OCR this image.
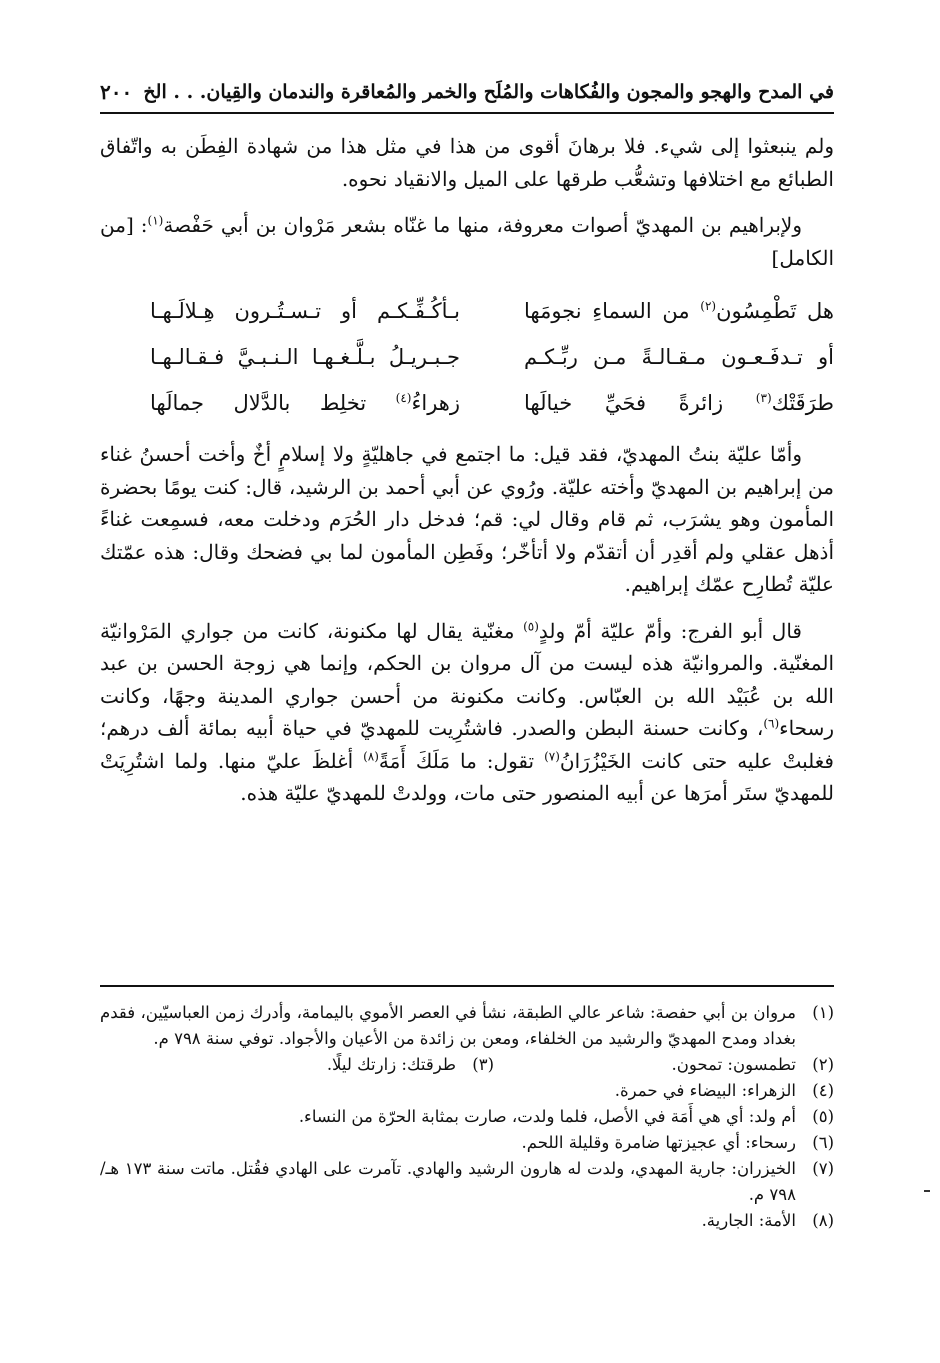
في المدح والهجو والمجون والفُكاهات والمُلَح والخمر والمُعاقرة والندمان والقِيان. . . الخ
٢٠٠

ولم ينبعثوا إلى شيء. فلا برهانَ أقوى من هذا في مثل هذا من شهادة الفِطَن به واتّفاق الطبائع مع اختلافها وتشعُّب طرقها على الميل والانقياد نحوه.

ولإبراهيم بن المهديّ أصوات معروفة، منها ما غنّاه بشعر مَرْوان بن أبي حَفْصة$^{(١)}$: [من الكامل]

هل تَطْمِسُون$^{(٢)}$ من السماءِ نجومَها
بـأكُـفِّـكـم أو تـسـتُـرون هِـلالَـهـا
أو تـدفَـعـون مـقـالـةً مـن ربِّـكـم
جـبـريـلُ بـلَّـغـهـا الـنـبـيَّ فـقـالـهـا
طرَقَتْك$^{(٣)}$ زائرةً فحَيِّ خيالَها
زهراءُ$^{(٤)}$ تخلِط بالدَّلال جمالَها

وأمّا عليّة بنتُ المهديّ، فقد قيل: ما اجتمع في جاهليّةٍ ولا إسلامٍ أخٌ وأخت أحسنُ غناء من إبراهيم بن المهديّ وأخته عليّة. ورُوي عن أبي أحمد بن الرشيد، قال: كنت يومًا بحضرة المأمون وهو يشرَب، ثم قام وقال لي: قم؛ فدخل دار الحُرَم ودخلت معه، فسمِعت غناءً أذهل عقلي ولم أقدِر أن أتقدّم ولا أتأخّر؛ وفَطِن المأمون لما بي فضحك وقال: هذه عمّتك عليّة تُطارِح عمّك إبراهيم.

قال أبو الفرج: وأمّ عليّة أمّ ولدٍ$^{(٥)}$ مغنّية يقال لها مكنونة، كانت من جواري المَرْوانيّة المغنّية. والمروانيّة هذه ليست من آل مروان بن الحكم، وإنما هي زوجة الحسن بن عبد الله بن عُبَيْد الله بن العبّاس. وكانت مكنونة من أحسن جواري المدينة وجهًا، وكانت رسحاء$^{(٦)}$، وكانت حسنة البطن والصدر. فاشتُرِيت للمهديّ في حياة أبيه بمائة ألف درهم؛ فغلبتْ عليه حتى كانت الخَيْزُرَانُ$^{(٧)}$ تقول: ما مَلَكَ أَمَةً$^{(٨)}$ أغلظَ عليّ منها. ولما اشتُرِيَتْ للمهديّ ستَر أمرَها عن أبيه المنصور حتى مات، وولدتْ للمهديّ عليّة هذه.

(١)
مروان بن أبي حفصة: شاعر عالي الطبقة، نشأ في العصر الأموي باليمامة، وأدرك زمن العباسيّين، فقدم بغداد ومدح المهديّ والرشيد من الخلفاء، ومعن بن زائدة من الأعيان والأجواد. توفي سنة ٧٩٨ م.
(٢)
تطمسون: تمحون.
(٣)
طرقتك: زارتك ليلًا.
(٤)
الزهراء: البيضاء في حمرة.
(٥)
أم ولد: أي هي أَمَة في الأصل، فلما ولدت، صارت بمثابة الحرّة من النساء.
(٦)
رسحاء: أي عجيزتها ضامرة وقليلة اللحم.
(٧)
الخيزران: جارية المهدي، ولدت له هارون الرشيد والهادي. تآمرت على الهادي فقُتل. ماتت سنة ١٧٣ هـ/ ٧٩٨ م.
(٨)
الأمة: الجارية.
